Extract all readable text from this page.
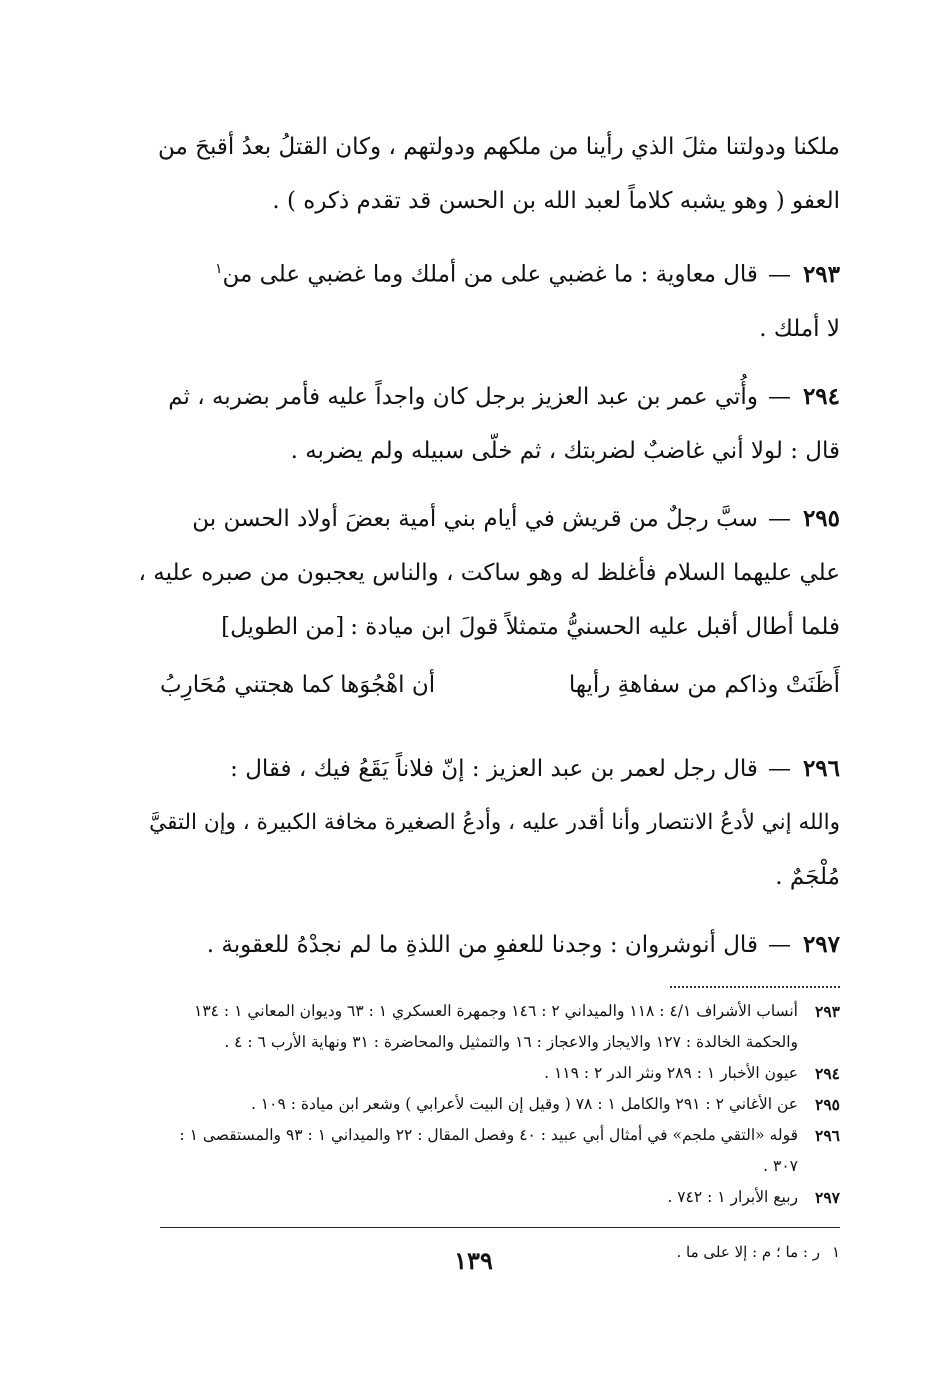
ملكنا ودولتنا مثلَ الذي رأينا من ملكهم ودولتهم ، وكان القتلُ بعدُ أقبحَ من
العفو ( وهو يشبه كلاماً لعبد الله بن الحسن قد تقدم ذكره ) .

٢٩٣—قال معاوية : ما غضبي على من أملك وما غضبي على من$^١$
لا أملك .

٢٩٤—وأُتي عمر بن عبد العزيز برجل كان واجداً عليه فأمر بضربه ، ثم
قال : لولا أني غاضبٌ لضربتك ، ثم خلّى سبيله ولم يضربه .

٢٩٥—سبَّ رجلٌ من قريش في أيام بني أمية بعضَ أولاد الحسن بن
علي عليهما السلام فأغلظ له وهو ساكت ، والناس يعجبون من صبره عليه ،
فلما أطال أقبل عليه الحسنيُّ متمثلاً قولَ ابن ميادة :[من الطويل]

أَظَنَتْ وذاكم من سفاهةِ رأيها
أن اهْجُوَها كما هجتني مُحَارِبُ

٢٩٦—قال رجل لعمر بن عبد العزيز : إنّ فلاناً يَقَعُ فيك ، فقال :
والله إني لأدعُ الانتصار وأنا أقدر عليه ، وأدعُ الصغيرة مخافة الكبيرة ، وإن التقيَّ
مُلْجَمٌ .

٢٩٧—قال أنوشروان : وجدنا للعفوِ من اللذةِ ما لم نجدْهُ للعقوبة .

٢٩٣
أنساب الأشراف ٤/١ : ١١٨ والميداني ٢ : ١٤٦ وجمهرة العسكري ١ : ٦٣ وديوان المعاني ١ : ١٣٤ والحكمة الخالدة : ١٢٧ والايجاز والاعجاز : ١٦ والتمثيل والمحاضرة : ٣١ ونهاية الأرب ٦ : ٤ .
٢٩٤
عيون الأخبار ١ : ٢٨٩ ونثر الدر ٢ : ١١٩ .
٢٩٥
عن الأغاني ٢ : ٢٩١ والكامل ١ : ٧٨ ( وقيل إن البيت لأعرابي ) وشعر ابن ميادة : ١٠٩ .
٢٩٦
قوله «التقي ملجم» في أمثال أبي عبيد : ٤٠ وفصل المقال : ٢٢ والميداني ١ : ٩٣ والمستقصى ١ : ٣٠٧ .
٢٩٧
ربيع الأبرار ١ : ٧٤٢ .
١ر : ما ؛ م : إلا على ما .
١٣٩
